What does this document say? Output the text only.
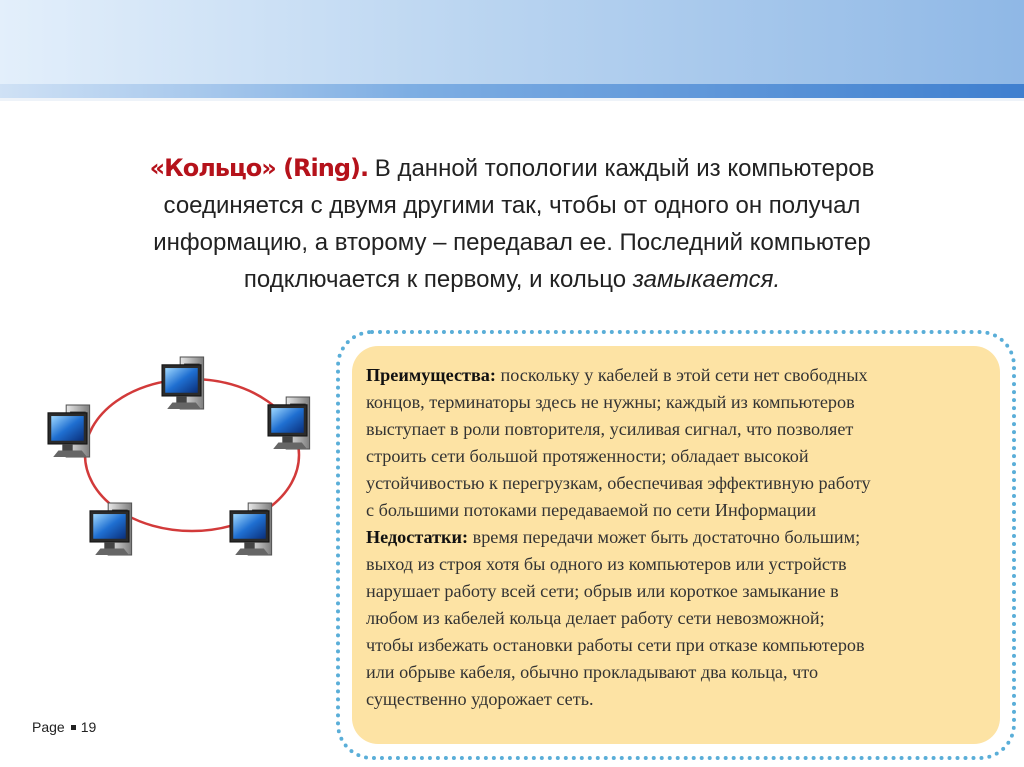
«Кольцо» (Ring). В данной топологии каждый из компьютеров
соединяется с двумя другими так, чтобы от одного он получал
информацию, а второму – передавал ее. Последний компьютер
подключается к первому, и кольцо замыкается.
Преимущества: поскольку у кабелей в этой сети нет свободных
концов, терминаторы здесь не нужны; каждый из компьютеров
выступает в роли повторителя, усиливая сигнал, что позволяет
строить сети большой протяженности; обладает высокой
устойчивостью к перегрузкам, обеспечивая эффективную работу
с большими потоками передаваемой по сети Информации
Недостатки: время передачи может быть достаточно большим;
выход из строя хотя бы одного из компьютеров или устройств
нарушает работу всей сети; обрыв или короткое замыкание в
любом из кабелей кольца делает работу сети невозможной;
чтобы избежать остановки работы сети при отказе компьютеров
или обрыве кабеля, обычно прокладывают два кольца, что
существенно удорожает сеть.
Page 19
